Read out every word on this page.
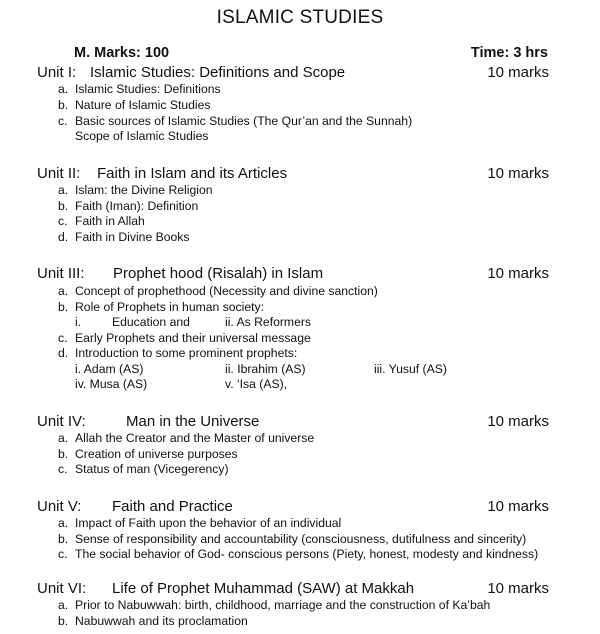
ISLAMIC STUDIES
M. Marks: 100	Time: 3 hrs
Unit I: Islamic Studies: Definitions and Scope	10 marks
a. Islamic Studies: Definitions
b. Nature of Islamic Studies
c. Basic sources of Islamic Studies (The Qur’an and the Sunnah)
Scope of Islamic Studies
Unit II: Faith in Islam and its Articles	10 marks
a. Islam: the Divine Religion
b. Faith (Iman): Definition
c. Faith in Allah
d. Faith in Divine Books
Unit III: Prophet hood (Risalah) in Islam	10 marks
a. Concept of prophethood (Necessity and divine sanction)
b. Role of Prophets in human society:
i.	Education and	ii. As Reformers
c. Early Prophets and their universal message
d. Introduction to some prominent prophets:
i. Adam (AS)	ii. Ibrahim (AS)	iii. Yusuf (AS)
iv. Musa (AS)	v. ‘Isa (AS),
Unit IV:	Man in the Universe	10 marks
a. Allah the Creator and the Master of universe
b. Creation of universe purposes
c. Status of man (Vicegerency)
Unit V: Faith and Practice	10 marks
a. Impact of Faith upon the behavior of an individual
b. Sense of responsibility and accountability (consciousness, dutifulness and sincerity)
c. The social behavior of God- conscious persons (Piety, honest, modesty and kindness)
Unit VI: Life of Prophet Muhammad (SAW) at Makkah	10 marks
a. Prior to Nabuwwah: birth, childhood, marriage and the construction of Ka’bah
b. Nabuwwah and its proclamation
